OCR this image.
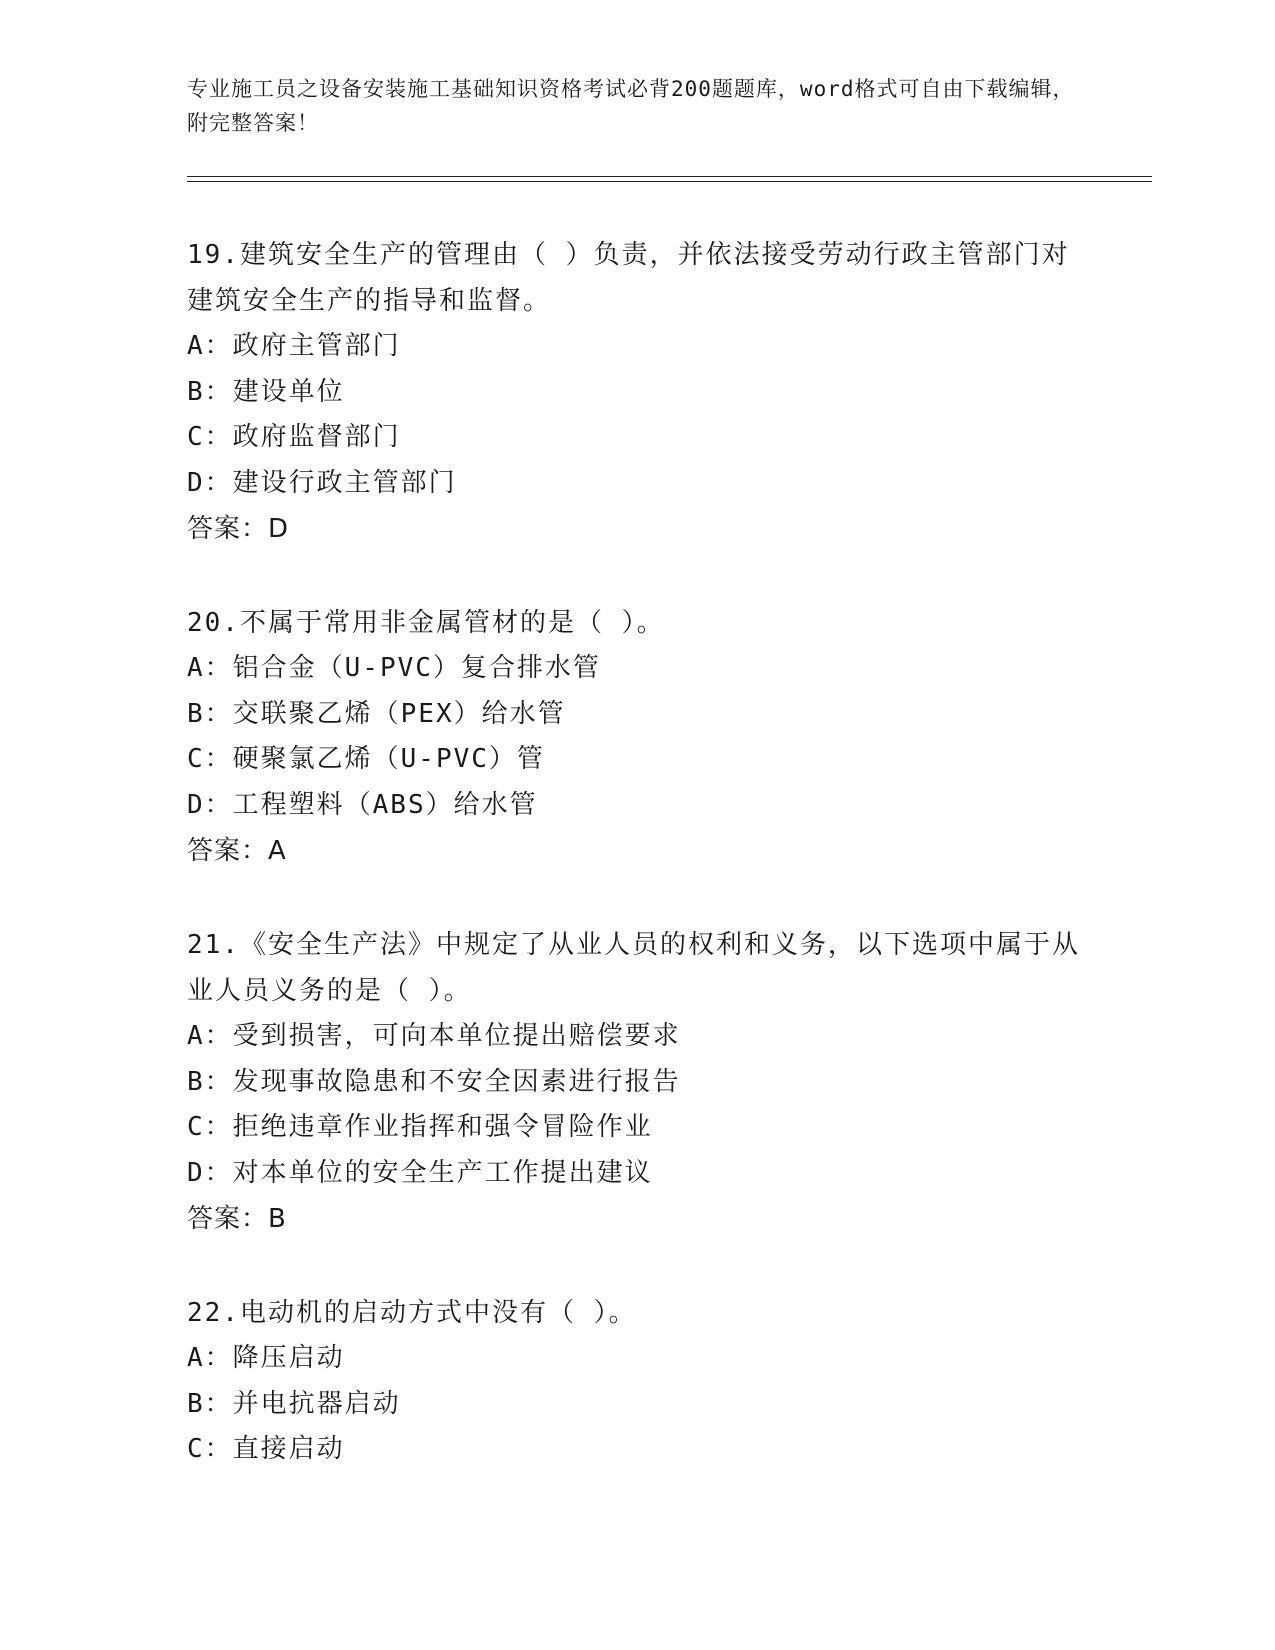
专业施工员之设备安装施工基础知识资格考试必背200题题库，word格式可自由下载编辑，附完整答案！

19.建筑安全生产的管理由（ ）负责，并依法接受劳动行政主管部门对建筑安全生产的指导和监督。

A：政府主管部门

B：建设单位

C：政府监督部门

D：建设行政主管部门

答案：D

20.不属于常用非金属管材的是（ ）。

A：铝合金（U-PVC）复合排水管

B：交联聚乙烯（PEX）给水管

C：硬聚氯乙烯（U-PVC）管

D：工程塑料（ABS）给水管

答案：A

21.《安全生产法》中规定了从业人员的权利和义务，以下选项中属于从业人员义务的是（ ）。

A：受到损害，可向本单位提出赔偿要求

B：发现事故隐患和不安全因素进行报告

C：拒绝违章作业指挥和强令冒险作业

D：对本单位的安全生产工作提出建议

答案：B

22.电动机的启动方式中没有（ ）。

A：降压启动

B：并电抗器启动

C：直接启动
